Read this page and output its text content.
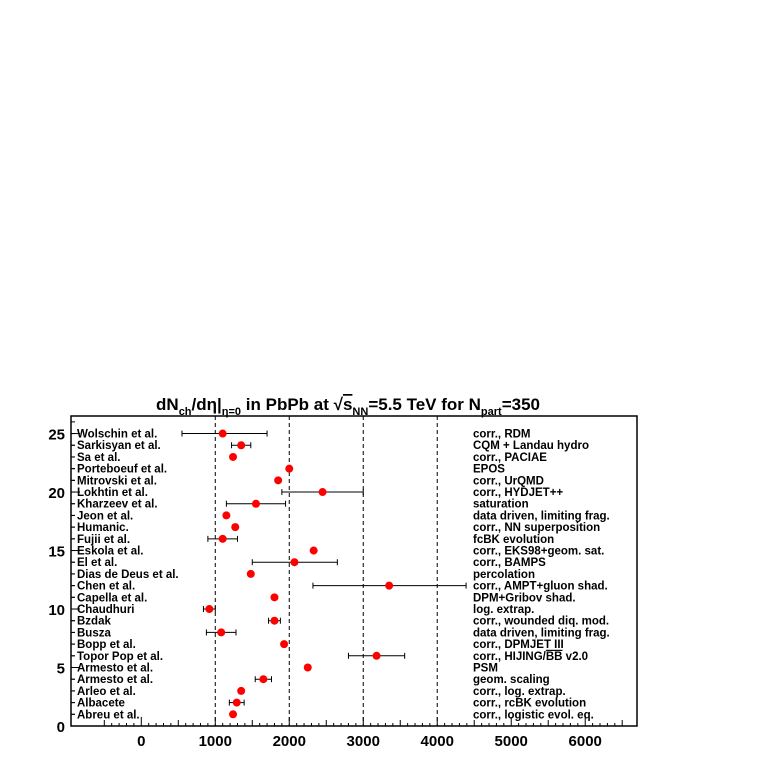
$dN_{ch}/d\eta|_{\eta=0}$ in PbPb at $√s_{NN}=5.5$ TeV for $N_{part}=350$
Wolschin et al.	corr., RDM
Sarkisyan et al.	CQM + Landau hydro
Sa et al.	corr., PACIAE
Porteboeuf et al.	EPOS
Mitrovski et al.	corr., UrQMD
Lokhtin et al.	corr., HYDJET++
Kharzeev et al.	saturation
Jeon et al.	data driven, limiting frag.
Humanic.	corr., NN superposition
Fujii et al.	fcBK evolution
Eskola et al.	corr., EKS98+geom. sat.
El et al.	corr., BAMPS
Dias de Deus et al.	percolation
Chen et al.	corr., AMPT+gluon shad.
Capella et al.	DPM+Gribov shad.
Chaudhuri	log. extrap.
Bzdak	corr., wounded diq. mod.
Busza	data driven, limiting frag.
Bopp et al.	corr., DPMJET III
Topor Pop et al.	corr., HIJING/BB v2.0
Armesto et al.	PSM
Armesto et al.	geom. scaling
Arleo et al.	corr., log. extrap.
Albacete	corr., rcBK evolution
Abreu et al.	corr., logistic evol. eq.
0	1000	2000	3000	4000	5000	6000
0
5
10
15
20
25
